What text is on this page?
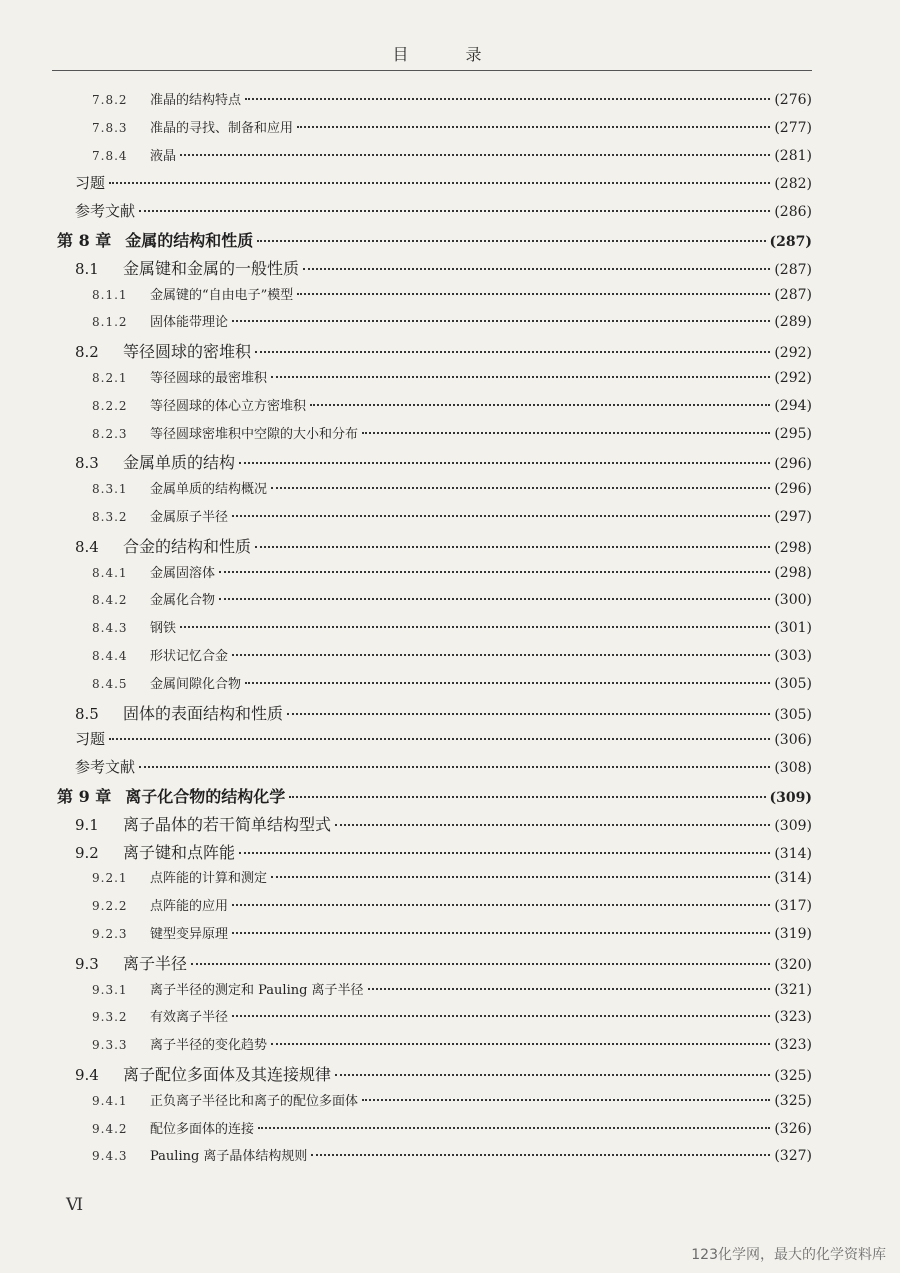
目 录
7.8.2	准晶的结构特点	(276)
7.8.3	准晶的寻找、制备和应用	(277)
7.8.4	液晶	(281)
习题	(282)
参考文献	(286)
第 8 章 金属的结构和性质	(287)
8.1	金属键和金属的一般性质	(287)
8.1.1	金属键的“自由电子”模型	(287)
8.1.2	固体能带理论	(289)
8.2	等径圆球的密堆积	(292)
8.2.1	等径圆球的最密堆积	(292)
8.2.2	等径圆球的体心立方密堆积	(294)
8.2.3	等径圆球密堆积中空隙的大小和分布	(295)
8.3	金属单质的结构	(296)
8.3.1	金属单质的结构概况	(296)
8.3.2	金属原子半径	(297)
8.4	合金的结构和性质	(298)
8.4.1	金属固溶体	(298)
8.4.2	金属化合物	(300)
8.4.3	钢铁	(301)
8.4.4	形状记忆合金	(303)
8.4.5	金属间隙化合物	(305)
8.5	固体的表面结构和性质	(305)
习题	(306)
参考文献	(308)
第 9 章 离子化合物的结构化学	(309)
9.1	离子晶体的若干简单结构型式	(309)
9.2	离子键和点阵能	(314)
9.2.1	点阵能的计算和测定	(314)
9.2.2	点阵能的应用	(317)
9.2.3	键型变异原理	(319)
9.3	离子半径	(320)
9.3.1	离子半径的测定和 Pauling 离子半径	(321)
9.3.2	有效离子半径	(323)
9.3.3	离子半径的变化趋势	(323)
9.4	离子配位多面体及其连接规律	(325)
9.4.1	正负离子半径比和离子的配位多面体	(325)
9.4.2	配位多面体的连接	(326)
9.4.3	Pauling 离子晶体结构规则	(327)
Ⅵ
123化学网，最大的化学资料库
